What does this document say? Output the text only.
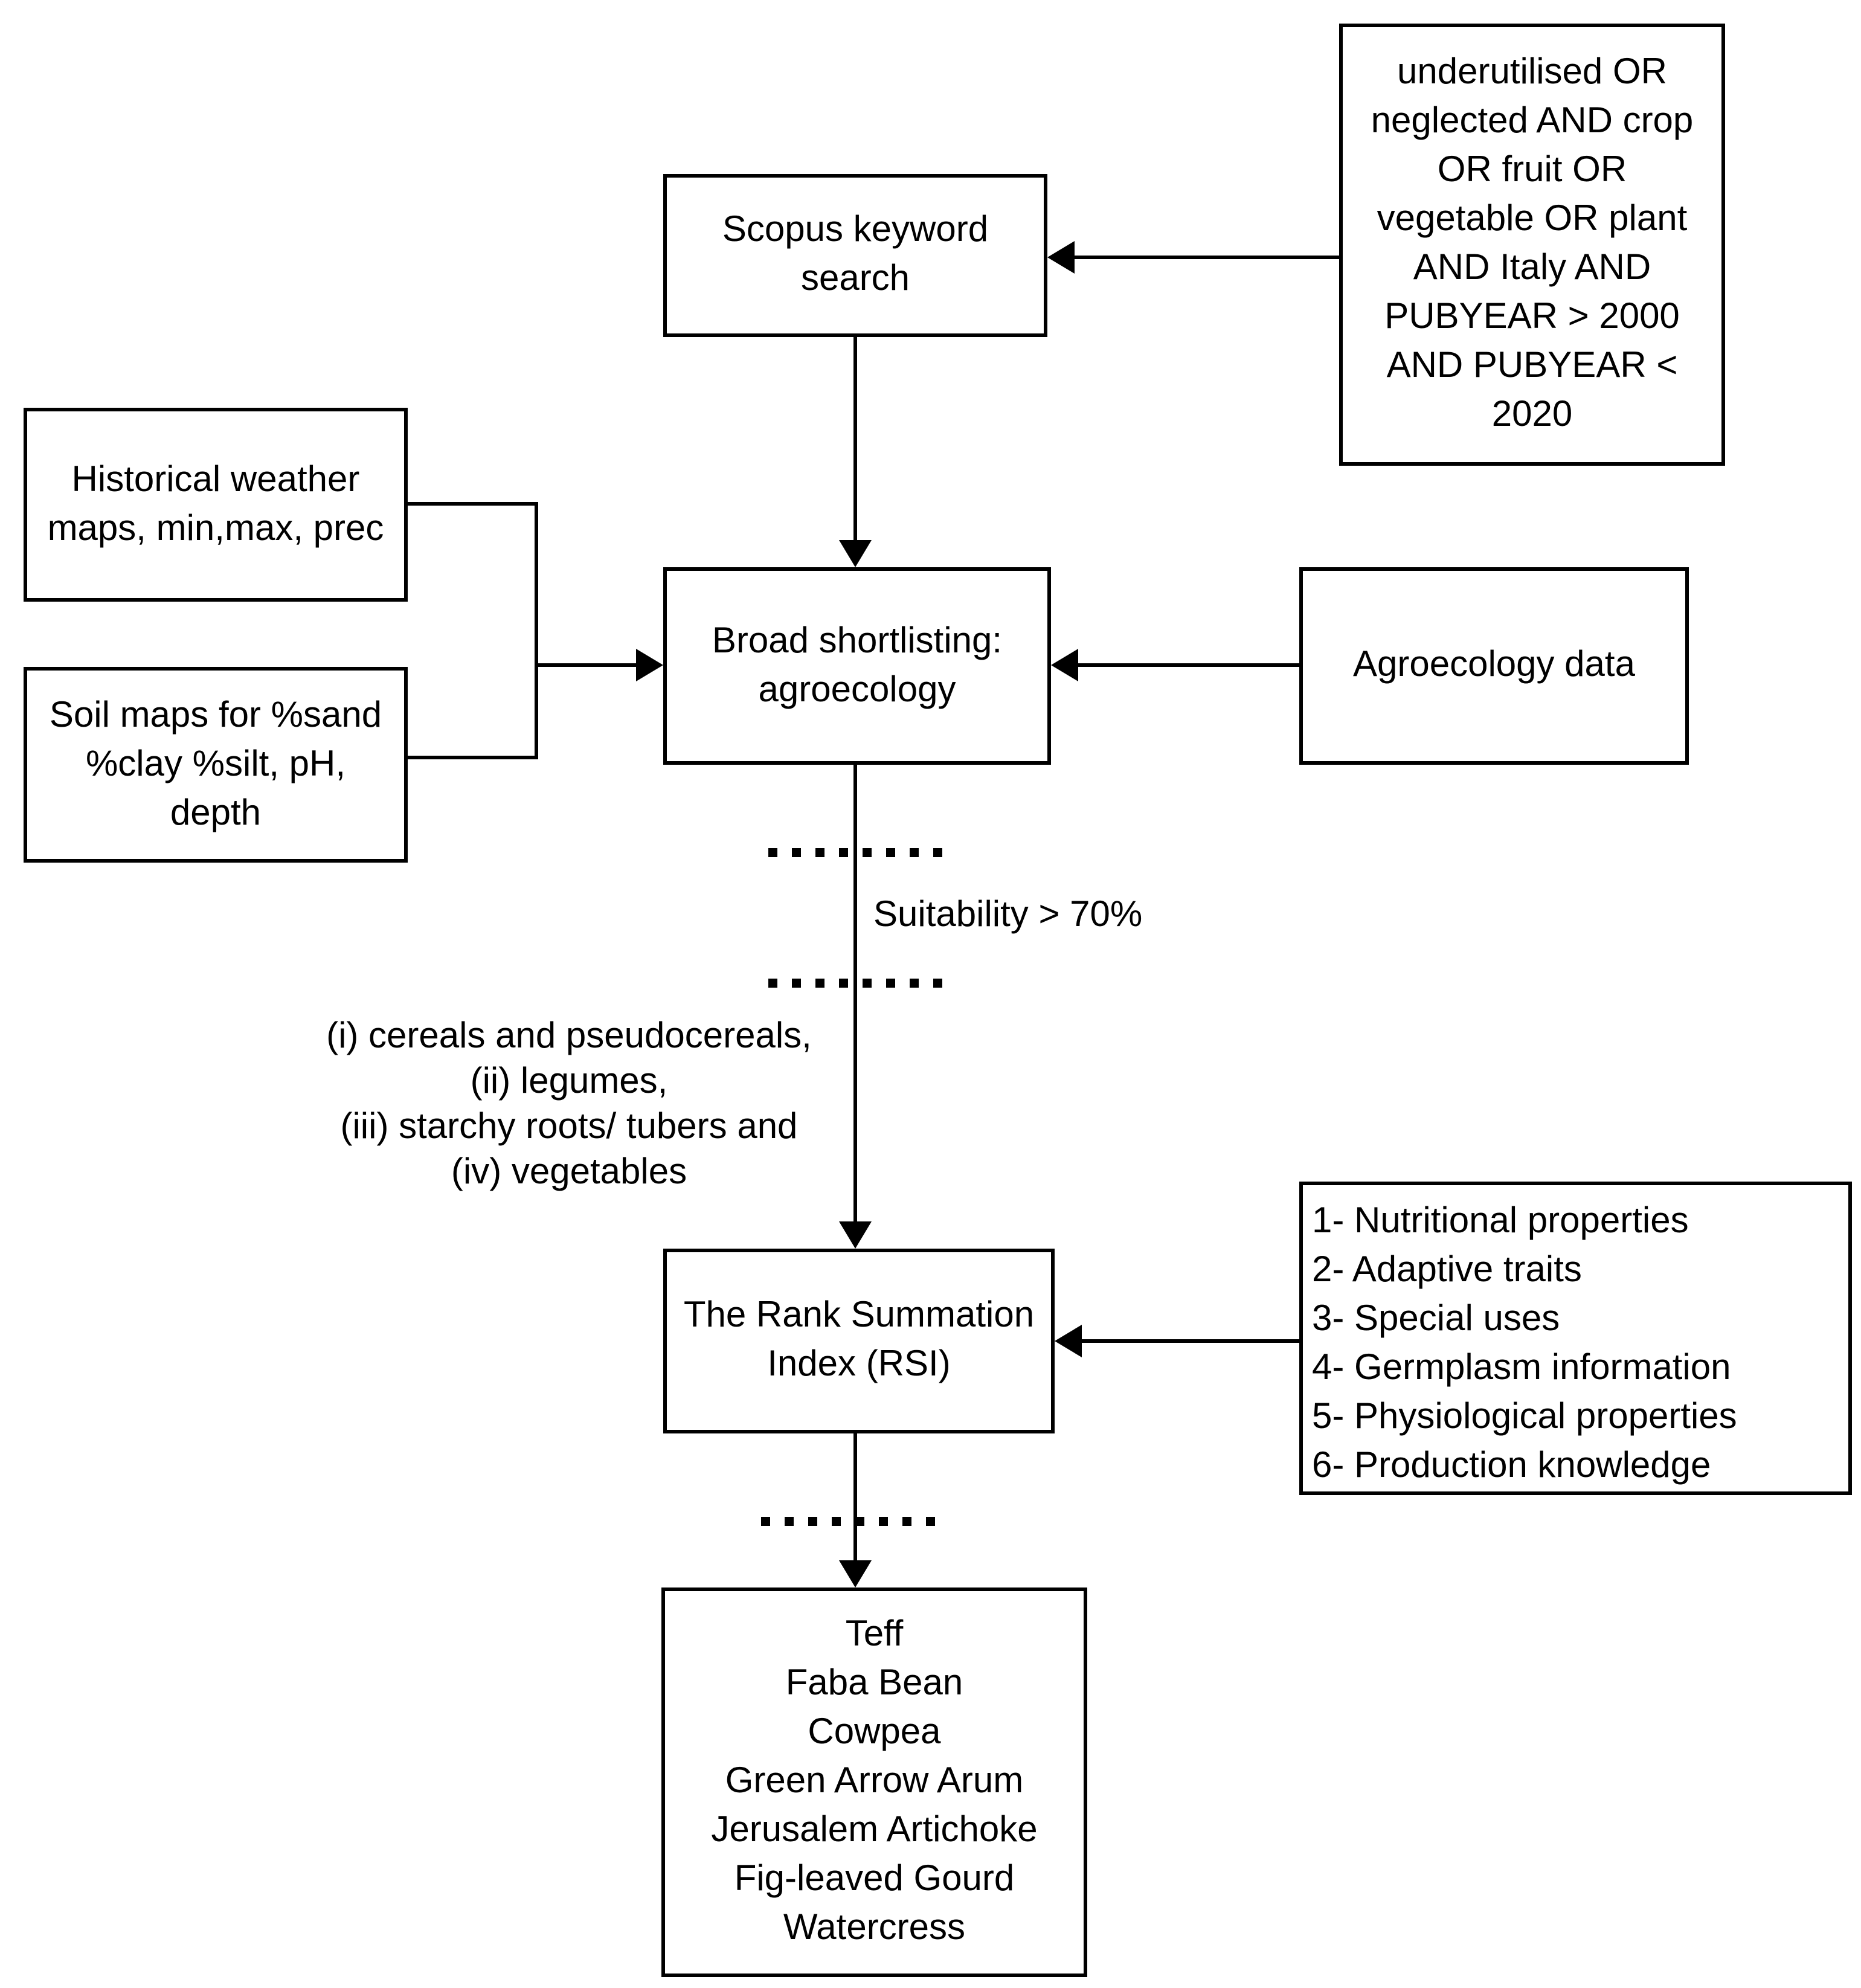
underutilised OR
neglected AND crop
OR fruit OR
vegetable OR plant
AND Italy AND
PUBYEAR > 2000
AND PUBYEAR <
2020
Scopus keyword
search
Historical weather
maps, min,max, prec
Soil maps for %sand
%clay %silt, pH,
depth
Broad shortlisting:
agroecology
Agroecology data
The Rank Summation
Index (RSI)
1- Nutritional properties
2- Adaptive traits
3- Special uses
4- Germplasm information
5- Physiological properties
6- Production knowledge
Teff
Faba Bean
Cowpea
Green Arrow Arum
Jerusalem Artichoke
Fig-leaved Gourd
Watercress
Suitability > 70%
(i) cereals and pseudocereals,
(ii) legumes,
(iii) starchy roots/ tubers and
(iv) vegetables
